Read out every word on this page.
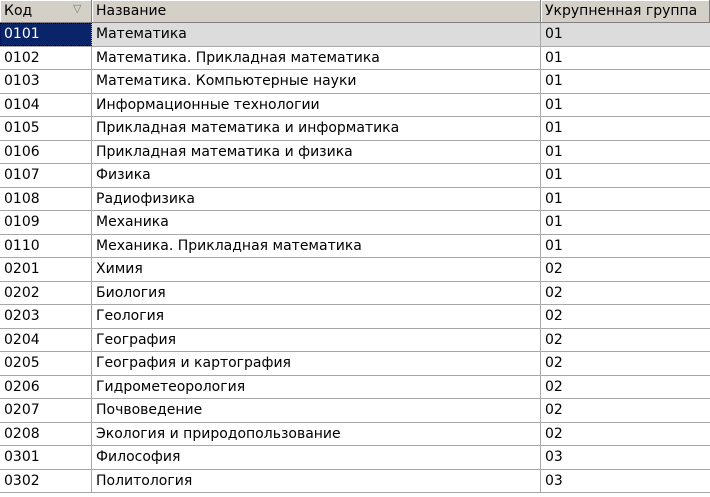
Код	▽ Название	Укрупненная группа
0101	Математика	01
0102	Математика. Прикладная математика	01
0103	Математика. Компьютерные науки	01
0104	Информационные технологии	01
0105	Прикладная математика и информатика	01
0106	Прикладная математика и физика	01
0107	Физика	01
0108	Радиофизика	01
0109	Механика	01
0110	Механика. Прикладная математика	01
0201	Химия	02
0202	Биология	02
0203	Геология	02
0204	География	02
0205	География и картография	02
0206	Гидрометеорология	02
0207	Почвоведение	02
0208	Экология и природопользование	02
0301	Философия	03
0302	Политология	03
